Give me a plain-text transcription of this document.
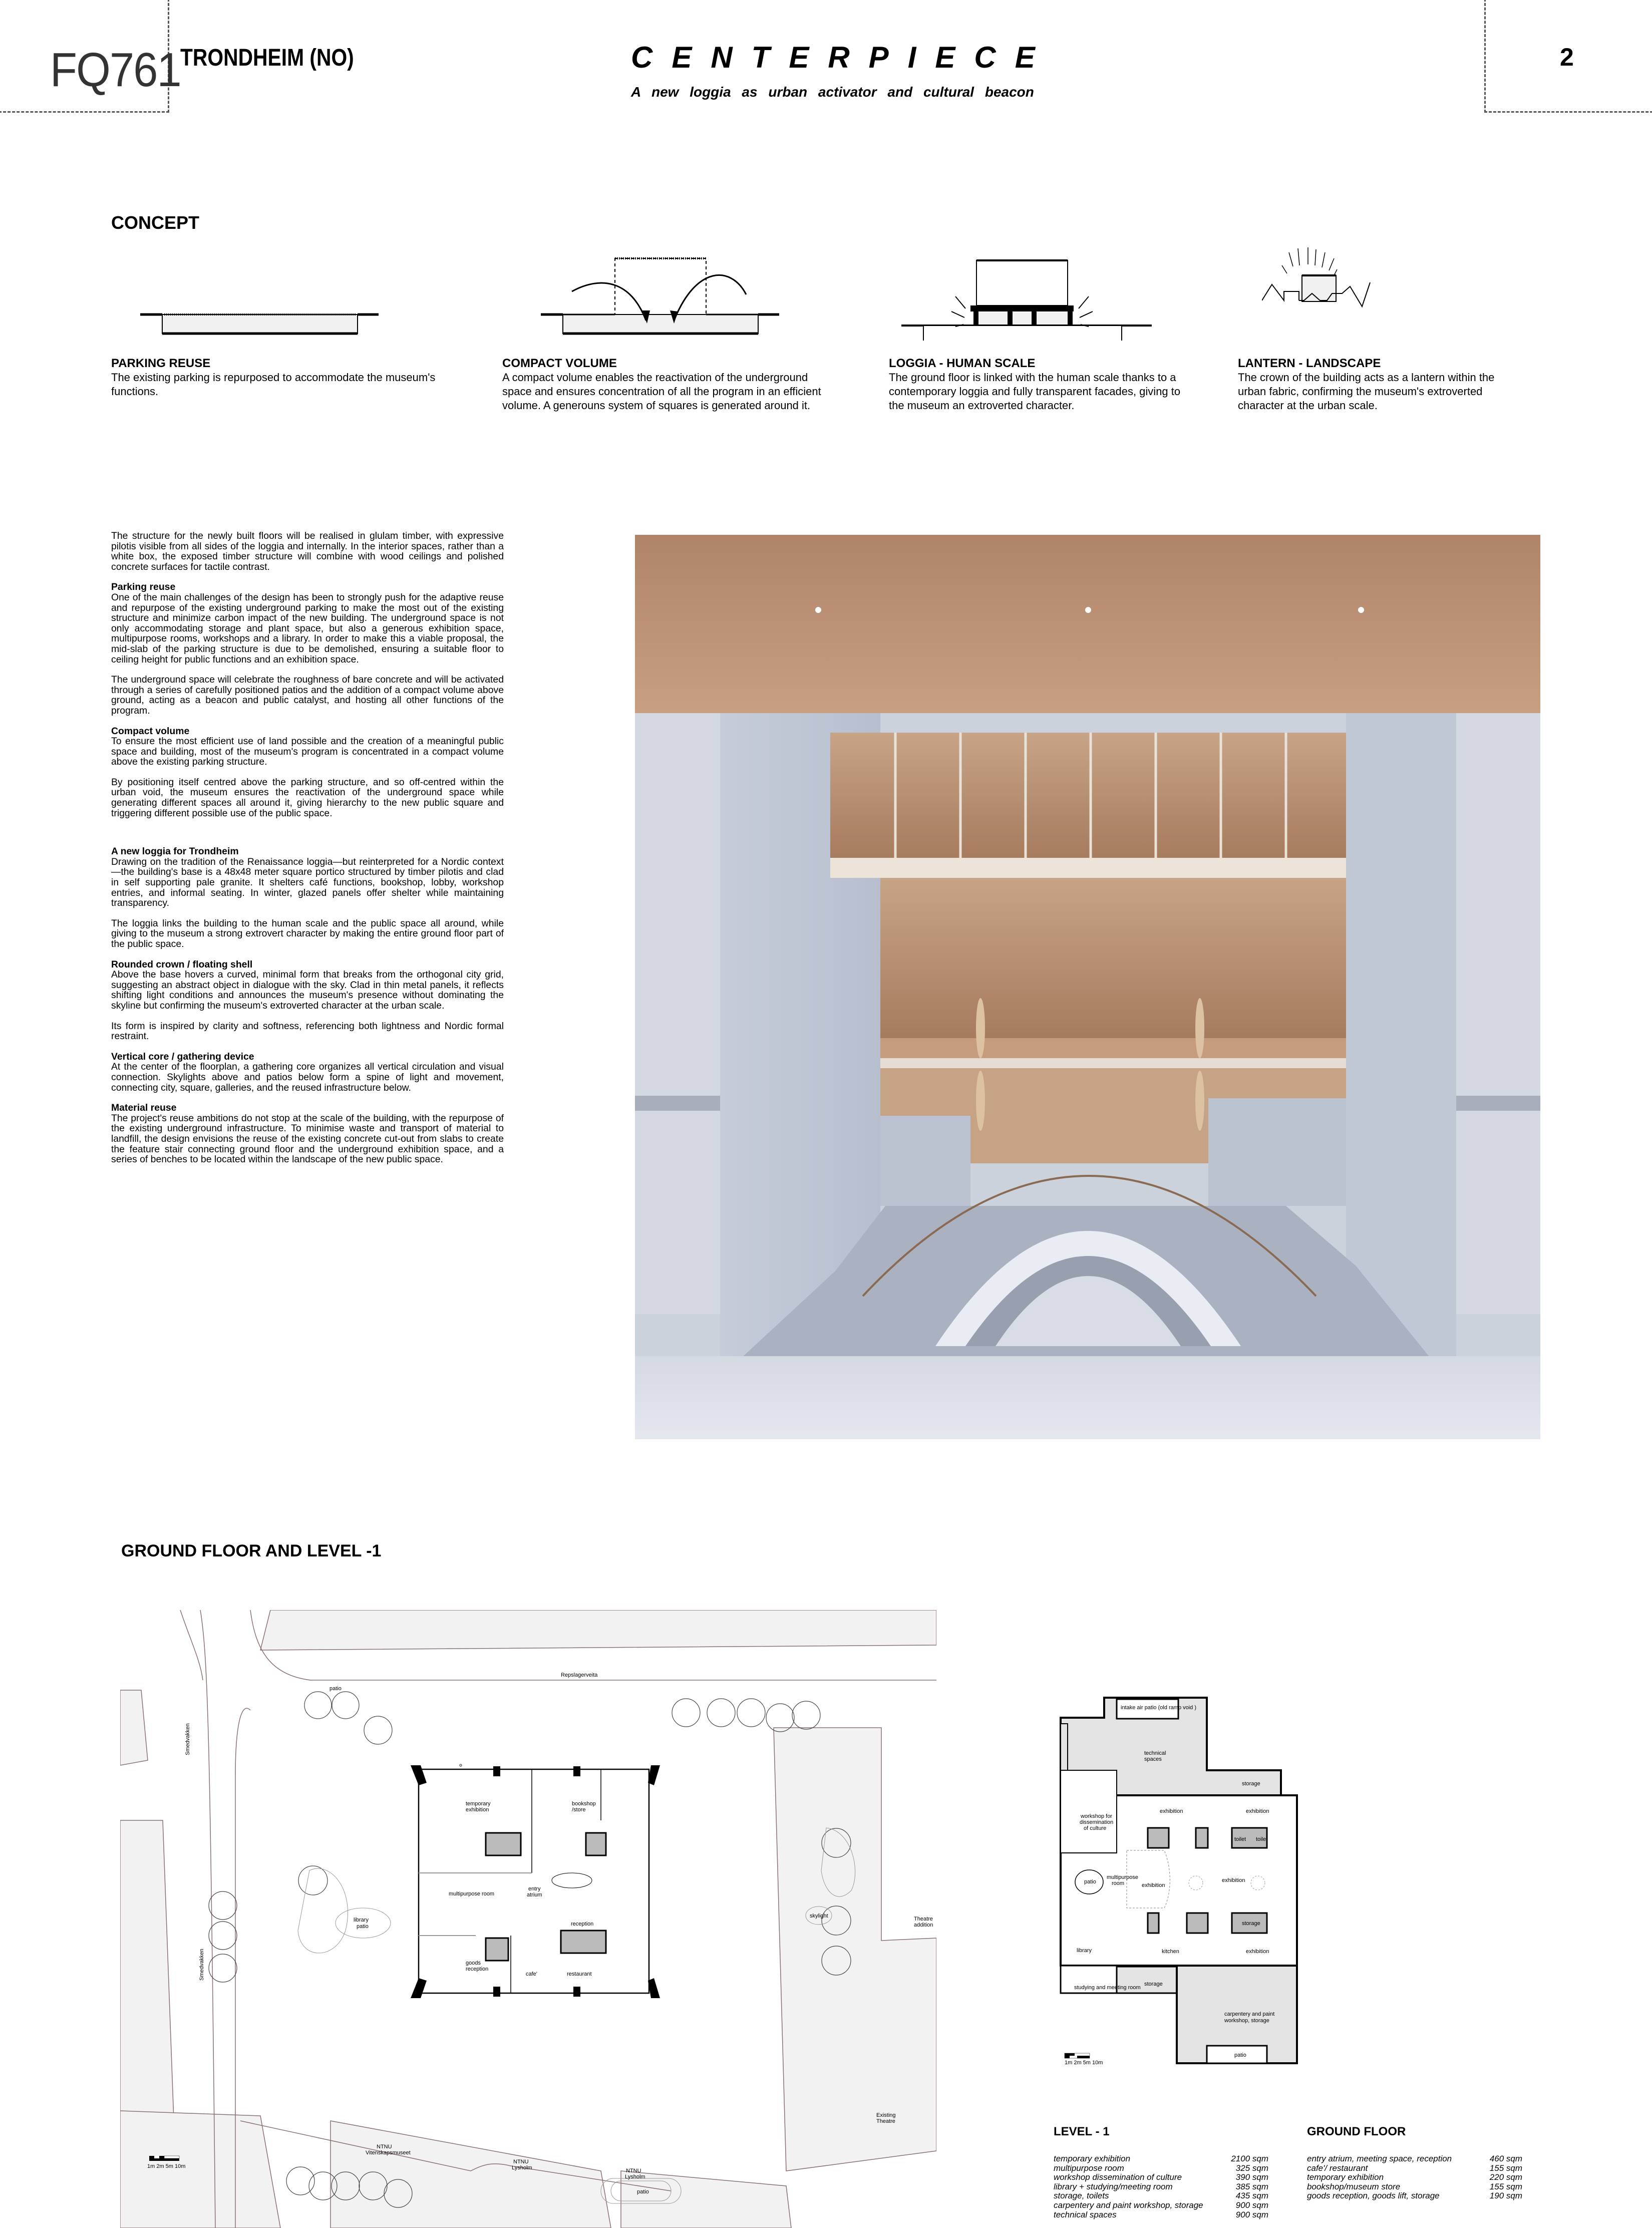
FQ761 TRONDHEIM (NO)	CENTERPIECE
A new loggia as urban activator and cultural beacon
2
CONCEPT
PARKING REUSE
The existing parking is repurposed to accommodate the museum's functions.
COMPACT VOLUME
A compact volume enables the reactivation of the underground space and ensures concentration of all the program in an efficient volume. A generouns system of squares is generated around it.
LOGGIA - HUMAN SCALE
The ground floor is linked with the human scale thanks to a contemporary loggia and fully transparent facades, giving to the museum an extroverted character.
LANTERN - LANDSCAPE
The crown of the building acts as a lantern within the urban fabric, confirming the museum's extroverted character at the urban scale.

The structure for the newly built floors will be realised in glulam timber, with expressive pilotis visible from all sides of the loggia and internally. In the interior spaces, rather than a white box, the exposed timber structure will combine with wood ceilings and polished concrete surfaces for tactile contrast.

Parking reuse
One of the main challenges of the design has been to strongly push for the adaptive reuse and repurpose of the existing underground parking to make the most out of the existing structure and minimize carbon impact of the new building. The underground space is not only accommodating storage and plant space, but also a generous exhibition space, multipurpose rooms, workshops and a library. In order to make this a viable proposal, the mid-slab of the parking structure is due to be demolished, ensuring a suitable floor to ceiling height for public functions and an exhibition space.

The underground space will celebrate the roughness of bare concrete and will be activated through a series of carefully positioned patios and the addition of a compact volume above ground, acting as a beacon and public catalyst, and hosting all other functions of the program.

Compact volume
To ensure the most efficient use of land possible and the creation of a meaningful public space and building, most of the museum's program is concentrated in a compact volume above the existing parking structure.

By positioning itself centred above the parking structure, and so off-centred within the urban void, the museum ensures the reactivation of the underground space while generating different spaces all around it, giving hierarchy to the new public square and triggering different possible use of the public space.

A new loggia for Trondheim
Drawing on the tradition of the Renaissance loggia—but reinterpreted for a Nordic context—the building's base is a 48x48 meter square portico structured by timber pilotis and clad in self supporting pale granite. It shelters café functions, bookshop, lobby, workshop entries, and informal seating. In winter, glazed panels offer shelter while maintaining transparency.

The loggia links the building to the human scale and the public space all around, while giving to the museum a strong extrovert character by making the entire ground floor part of the public space.

Rounded crown / floating shell
Above the base hovers a curved, minimal form that breaks from the orthogonal city grid, suggesting an abstract object in dialogue with the sky. Clad in thin metal panels, it reflects shifting light conditions and announces the museum's presence without dominating the skyline but confirming the museum's extroverted character at the urban scale.

Its form is inspired by clarity and softness, referencing both lightness and Nordic formal restraint.

Vertical core / gathering device
At the center of the floorplan, a gathering core organizes all vertical circulation and visual connection. Skylights above and patios below form a spine of light and movement, connecting city, square, galleries, and the reused infrastructure below.

Material reuse
The project's reuse ambitions do not stop at the scale of the building, with the repurpose of the existing underground infrastructure. To minimise waste and transport of material to landfill, the design envisions the reuse of the existing concrete cut-out from slabs to create the feature stair connecting ground floor and the underground exhibition space, and a series of benches to be located within the landscape of the new public space.

GROUND FLOOR AND LEVEL -1
Repslagerveita
patio
Smedvakken
Smedvakken
library
patio
skylight	Theatre
addition
Existing
Theatre
patio
NTNU
Vitenskapsmuseet
NTNU
Lysholm	NTNU
Lysholm
temporary
exhibition
bookshop
/store
multipurpose room
entry
atrium
reception
goods
reception
cafe'	restaurant
1m 2m 5m 10m
intake air patio (old ramp void )
technical
spaces
storage
workshop for
dissemination
of culture
exhibition	exhibition
toilet toilet
patio
multipurpose
room	exhibition
exhibition
storage
library	kitchen	exhibition
studying and meeting room
storage
carpentery and paint
workshop, storage
patio
1m 2m 5m 10m
LEVEL - 1	GROUND FLOOR
temporary exhibition	2100 sqm
multipurpose room	325 sqm
workshop dissemination of culture	390 sqm
library + studying/meeting room	385 sqm
storage, toilets	435 sqm
carpentery and paint workshop, storage	900 sqm
technical spaces	900 sqm
entry atrium, meeting space, reception	460 sqm
cafe'/ restaurant	155 sqm
temporary exhibition	220 sqm
bookshop/museum store	155 sqm
goods reception, goods lift, storage	190 sqm
